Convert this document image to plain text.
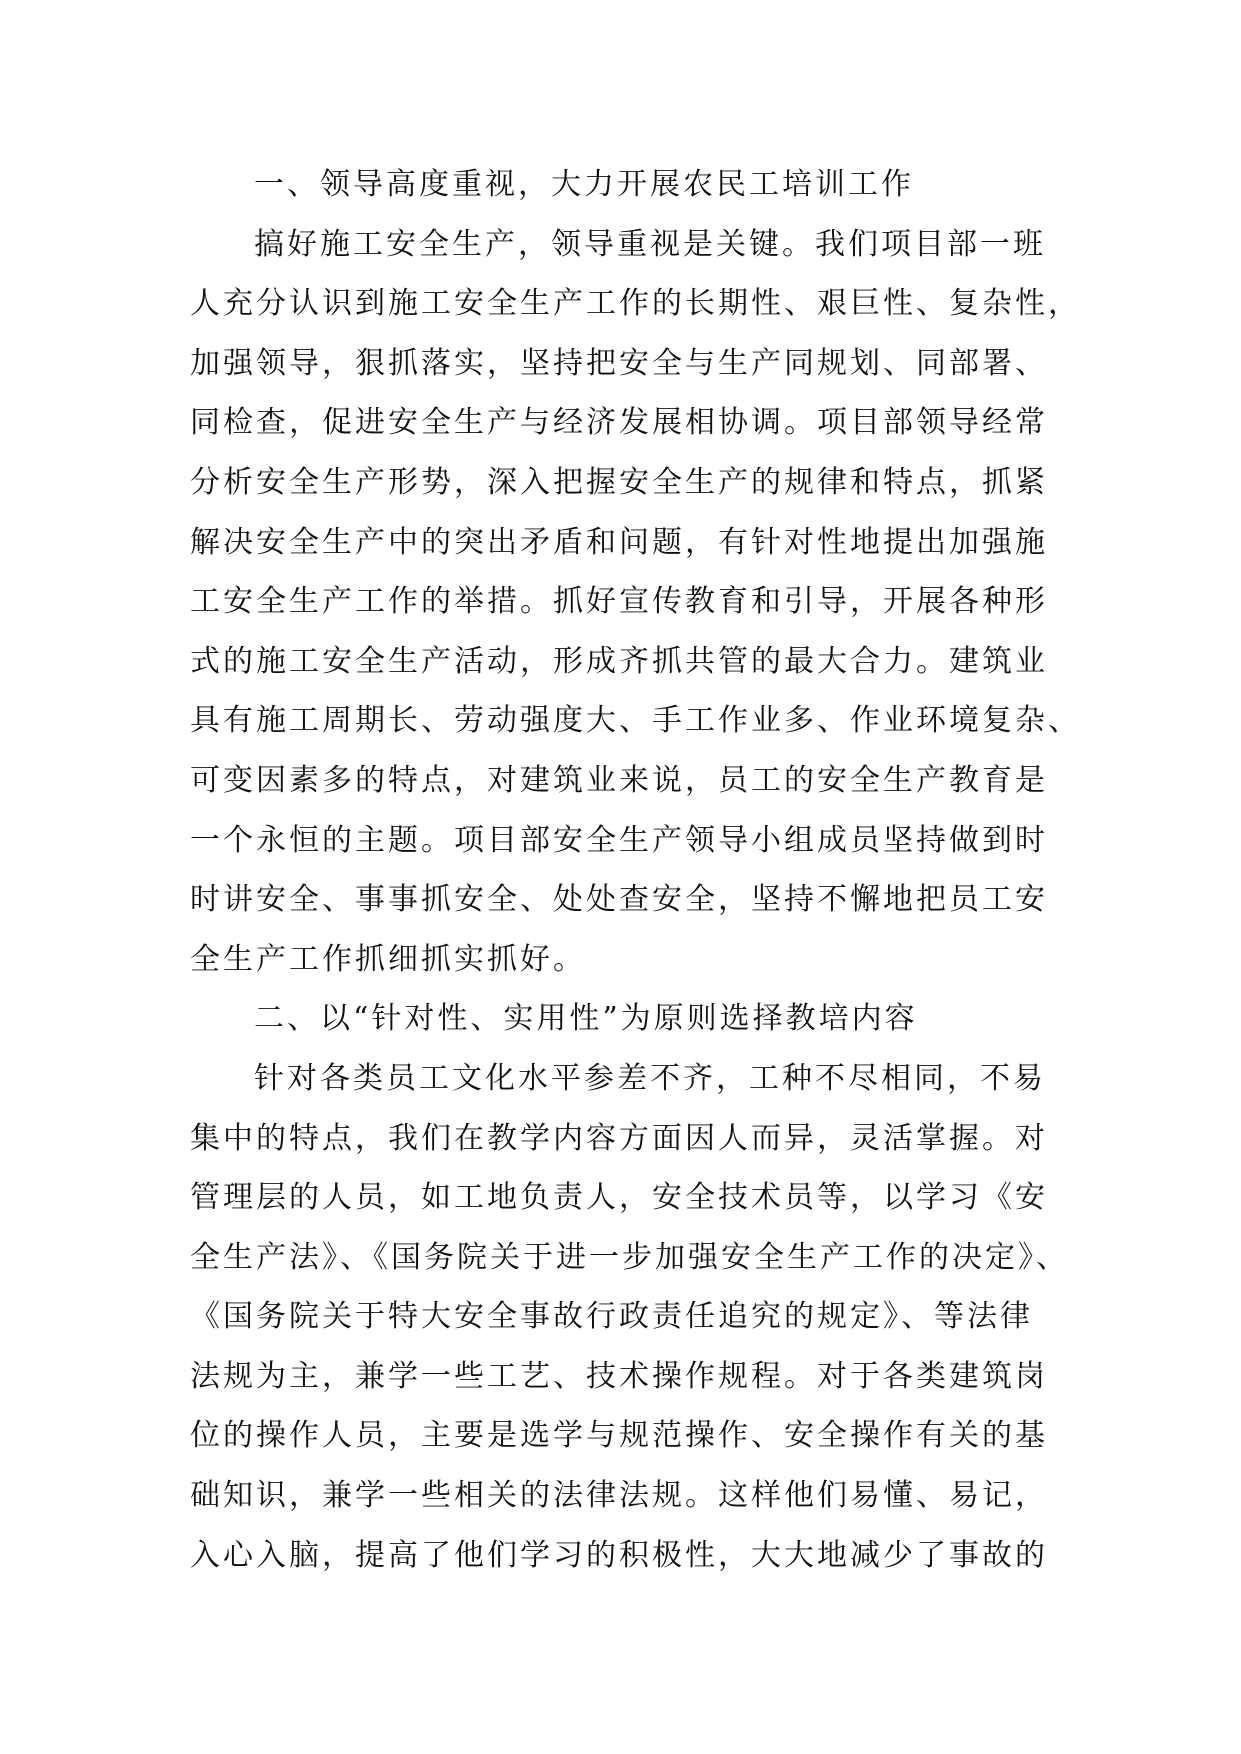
一、领导高度重视，大力开展农民工培训工作
搞好施工安全生产，领导重视是关键。我们项目部一班
人充分认识到施工安全生产工作的长期性、艰巨性、复杂性，
加强领导，狠抓落实，坚持把安全与生产同规划、同部署、
同检查，促进安全生产与经济发展相协调。项目部领导经常
分析安全生产形势，深入把握安全生产的规律和特点，抓紧
解决安全生产中的突出矛盾和问题，有针对性地提出加强施
工安全生产工作的举措。抓好宣传教育和引导，开展各种形
式的施工安全生产活动，形成齐抓共管的最大合力。建筑业
具有施工周期长、劳动强度大、手工作业多、作业环境复杂、
可变因素多的特点，对建筑业来说，员工的安全生产教育是
一个永恒的主题。项目部安全生产领导小组成员坚持做到时
时讲安全、事事抓安全、处处查安全，坚持不懈地把员工安
全生产工作抓细抓实抓好。
二、以“针对性、实用性”为原则选择教培内容
针对各类员工文化水平参差不齐，工种不尽相同，不易
集中的特点，我们在教学内容方面因人而异，灵活掌握。对
管理层的人员，如工地负责人，安全技术员等，以学习《安
全生产法》、《国务院关于进一步加强安全生产工作的决定》、
《国务院关于特大安全事故行政责任追究的规定》、等法律
法规为主，兼学一些工艺、技术操作规程。对于各类建筑岗
位的操作人员，主要是选学与规范操作、安全操作有关的基
础知识，兼学一些相关的法律法规。这样他们易懂、易记，
入心入脑，提高了他们学习的积极性，大大地减少了事故的
